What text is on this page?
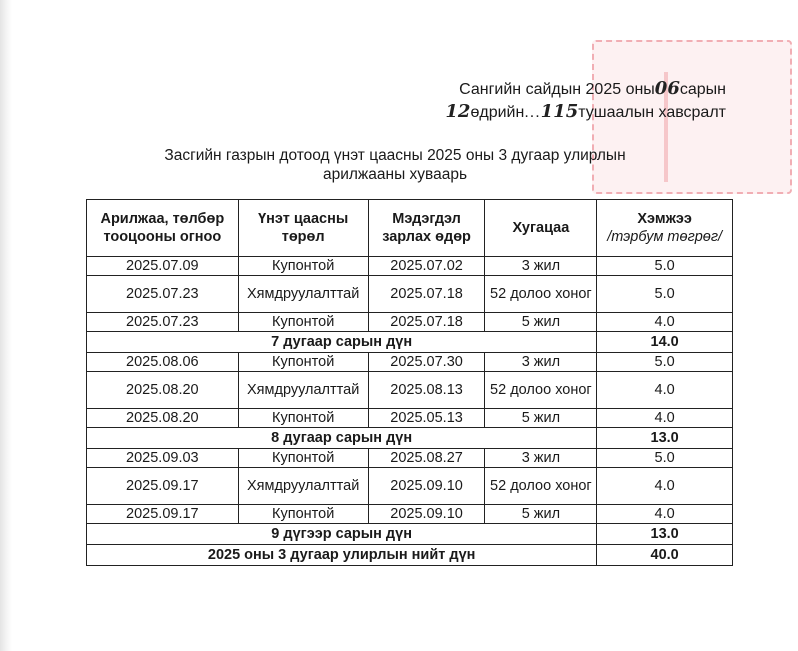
Сангийн сайдын 2025 оны06сарын
12өдрийн...115тушаалын хавсралт
Засгийн газрын дотоод үнэт цаасны 2025 оны 3 дугаар улирлын
арилжааны хуваарь
Арилжаа, төлбөр тооцооны огноо	Үнэт цаасны төрөл	Мэдэгдэл зарлах өдөр	Хугацаа	Хэмжээ
/тэрбум төгрөг/
2025.07.09	Купонтой	2025.07.02	3 жил	5.0
2025.07.23	Хямдруулалттай	2025.07.18	52 долоо хоног	5.0
2025.07.23	Купонтой	2025.07.18	5 жил	4.0
7 дугаар сарын дүн				14.0
2025.08.06	Купонтой	2025.07.30	3 жил	5.0
2025.08.20	Хямдруулалттай	2025.08.13	52 долоо хоног	4.0
2025.08.20	Купонтой	2025.05.13	5 жил	4.0
8 дугаар сарын дүн				13.0
2025.09.03	Купонтой	2025.08.27	3 жил	5.0
2025.09.17	Хямдруулалттай	2025.09.10	52 долоо хоног	4.0
2025.09.17	Купонтой	2025.09.10	5 жил	4.0
9 дүгээр сарын дүн				13.0
2025 оны 3 дугаар улирлын нийт дүн				40.0
